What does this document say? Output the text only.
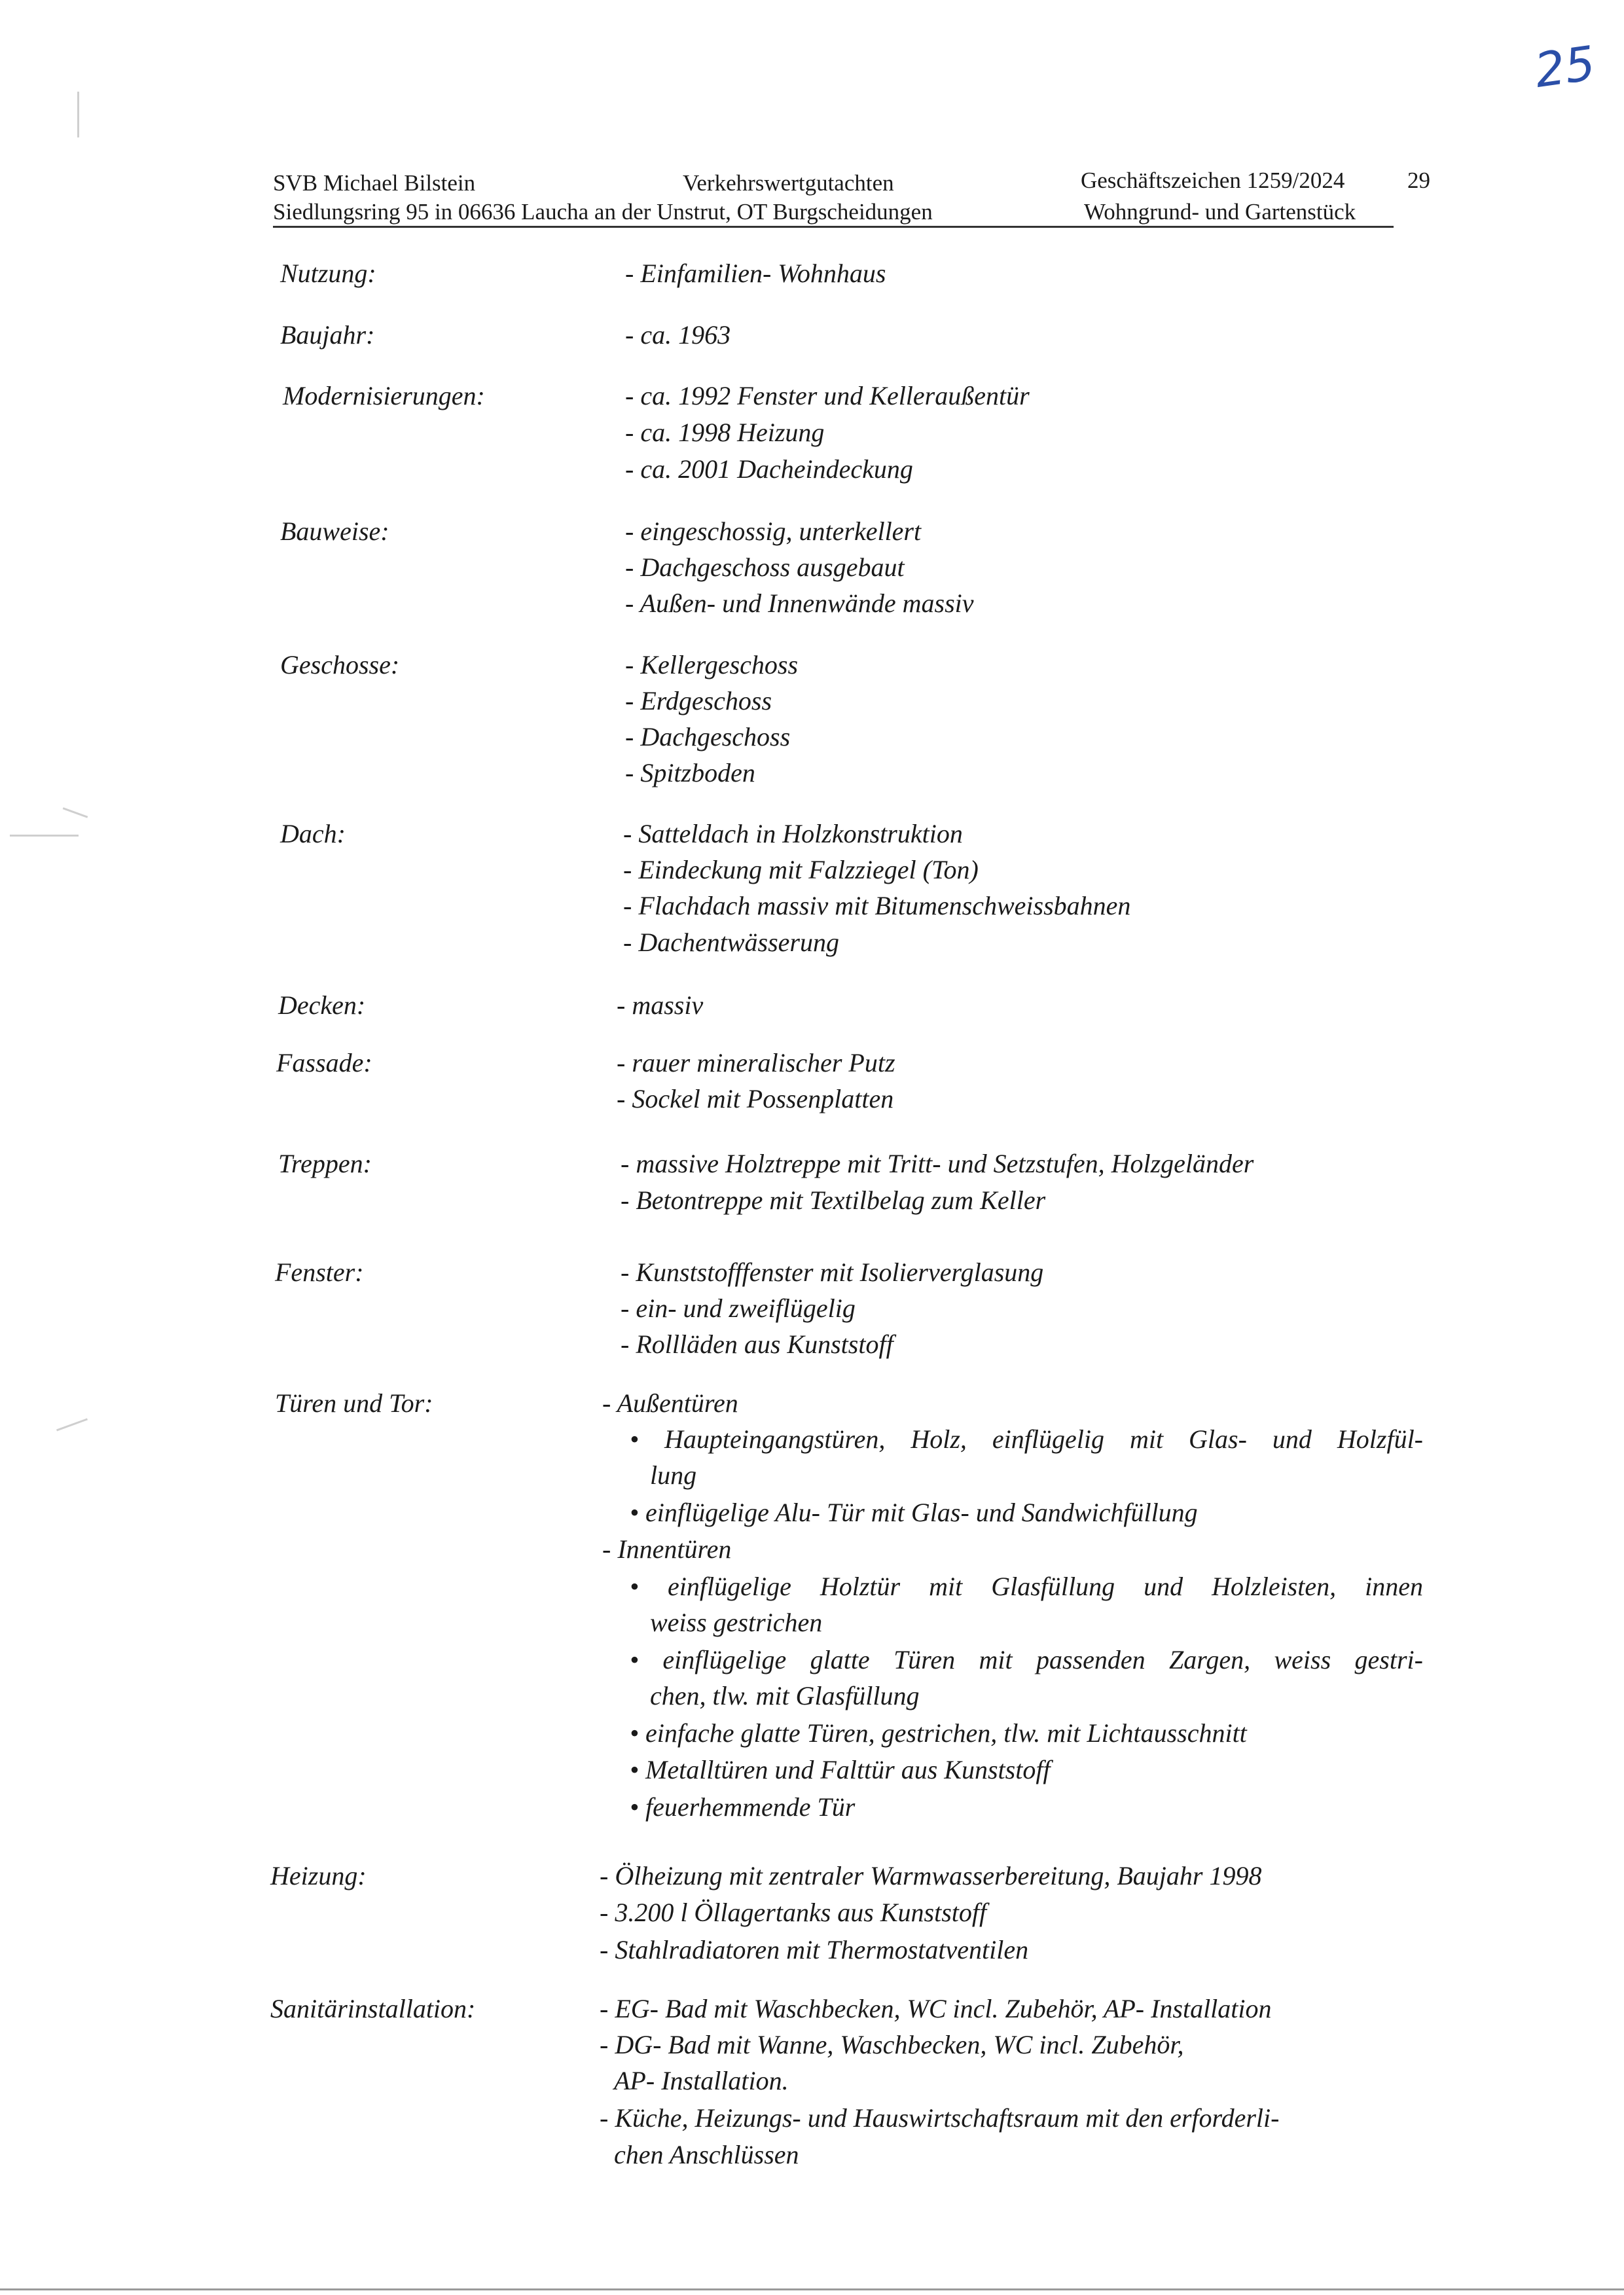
25
SVB Michael Bilstein	Verkehrswertgutachten	Geschäftszeichen 1259/2024
Siedlungsring 95 in 06636 Laucha an der Unstrut, OT Burgscheidungen	Wohngrund- und Gartenstück
29
Nutzung:	- Einfamilien- Wohnhaus
Baujahr:	- ca. 1963
Modernisierungen:	- ca. 1992 Fenster und Kelleraußentür
- ca. 1998 Heizung
- ca. 2001 Dacheindeckung
Bauweise:	- eingeschossig, unterkellert
- Dachgeschoss ausgebaut
- Außen- und Innenwände massiv
Geschosse:	- Kellergeschoss
- Erdgeschoss
- Dachgeschoss
- Spitzboden
Dach:	- Satteldach in Holzkonstruktion
- Eindeckung mit Falzziegel (Ton)
- Flachdach massiv mit Bitumenschweissbahnen
- Dachentwässerung
Decken:	- massiv
Fassade:	- rauer mineralischer Putz
- Sockel mit Possenplatten
Treppen:	- massive Holztreppe mit Tritt- und Setzstufen, Holzgeländer
- Betontreppe mit Textilbelag zum Keller
Fenster:	- Kunststofffenster mit Isolierverglasung
- ein- und zweiflügelig
- Rollläden aus Kunststoff
Türen und Tor:	- Außentüren
• Haupteingangstüren, Holz, einflügelig mit Glas- und Holzfül-
lung
• einflügelige Alu- Tür mit Glas- und Sandwichfüllung
- Innentüren
• einflügelige Holztür mit Glasfüllung und Holzleisten, innen
weiss gestrichen
• einflügelige glatte Türen mit passenden Zargen, weiss gestri-
chen, tlw. mit Glasfüllung
• einfache glatte Türen, gestrichen, tlw. mit Lichtausschnitt
• Metalltüren und Falttür aus Kunststoff
• feuerhemmende Tür
Heizung:	- Ölheizung mit zentraler Warmwasserbereitung, Baujahr 1998
- 3.200 l Öllagertanks aus Kunststoff
- Stahlradiatoren mit Thermostatventilen
Sanitärinstallation:	- EG- Bad mit Waschbecken, WC incl. Zubehör, AP- Installation
- DG- Bad mit Wanne, Waschbecken, WC incl. Zubehör,
AP- Installation.
- Küche, Heizungs- und Hauswirtschaftsraum mit den erforderli-
chen Anschlüssen
